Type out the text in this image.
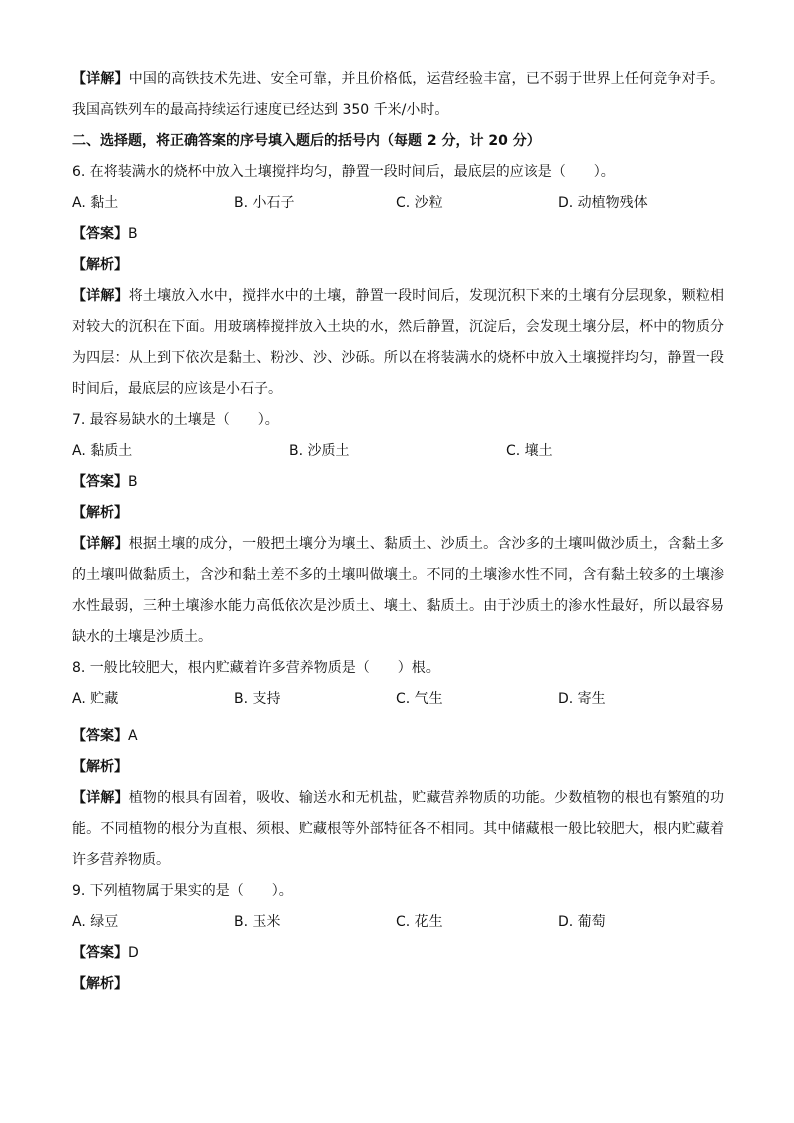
【详解】中国的高铁技术先进、安全可靠，并且价格低，运营经验丰富，已不弱于世界上任何竞争对手。我国高铁列车的最高持续运行速度已经达到 350 千米/小时。
二、选择题，将正确答案的序号填入题后的括号内（每题 2 分，计 20 分）
6. 在将装满水的烧杯中放入土壤搅拌均匀，静置一段时间后，最底层的应该是（　　）。
A. 黏土	B. 小石子	C. 沙粒	D. 动植物残体
【答案】B
【解析】
【详解】将土壤放入水中，搅拌水中的土壤，静置一段时间后，发现沉积下来的土壤有分层现象，颗粒相对较大的沉积在下面。用玻璃棒搅拌放入土块的水，然后静置，沉淀后，会发现土壤分层，杯中的物质分为四层：从上到下依次是黏土、粉沙、沙、沙砾。所以在将装满水的烧杯中放入土壤搅拌均匀，静置一段时间后，最底层的应该是小石子。
7. 最容易缺水的土壤是（　　）。
A. 黏质土	B. 沙质土	C. 壤土
【答案】B
【解析】
【详解】根据土壤的成分，一般把土壤分为壤土、黏质土、沙质土。含沙多的土壤叫做沙质土，含黏土多的土壤叫做黏质土，含沙和黏土差不多的土壤叫做壤土。不同的土壤渗水性不同，含有黏土较多的土壤渗水性最弱，三种土壤渗水能力高低依次是沙质土、壤土、黏质土。由于沙质土的渗水性最好，所以最容易缺水的土壤是沙质土。
8. 一般比较肥大，根内贮藏着许多营养物质是（　　）根。
A. 贮藏	B. 支持	C. 气生	D. 寄生
【答案】A
【解析】
【详解】植物的根具有固着，吸收、输送水和无机盐，贮藏营养物质的功能。少数植物的根也有繁殖的功能。不同植物的根分为直根、须根、贮藏根等外部特征各不相同。其中储藏根一般比较肥大，根内贮藏着许多营养物质。
9. 下列植物属于果实的是（　　）。
A. 绿豆	B. 玉米	C. 花生	D. 葡萄
【答案】D
【解析】
